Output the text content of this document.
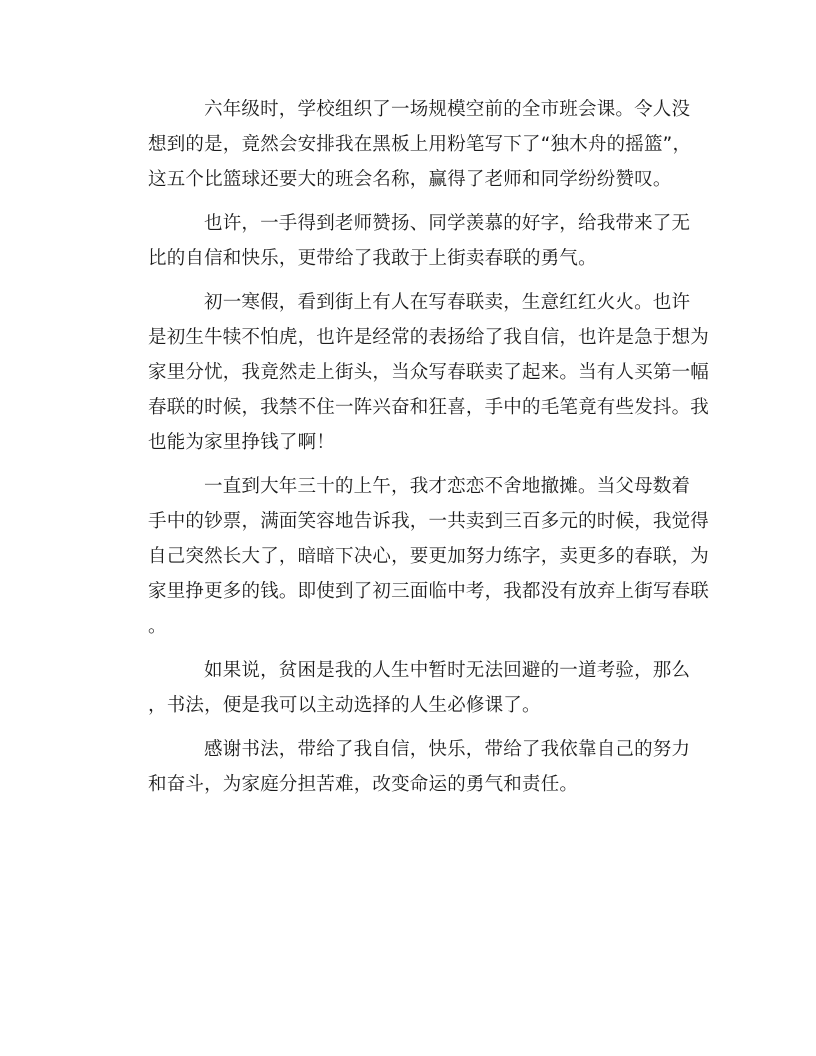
六年级时，学校组织了一场规模空前的全市班会课。令人没
想到的是，竟然会安排我在黑板上用粉笔写下了“独木舟的摇篮”，
这五个比篮球还要大的班会名称，赢得了老师和同学纷纷赞叹。
也许，一手得到老师赞扬、同学羡慕的好字，给我带来了无
比的自信和快乐，更带给了我敢于上街卖春联的勇气。
初一寒假，看到街上有人在写春联卖，生意红红火火。也许
是初生牛犊不怕虎，也许是经常的表扬给了我自信，也许是急于想为
家里分忧，我竟然走上街头，当众写春联卖了起来。当有人买第一幅
春联的时候，我禁不住一阵兴奋和狂喜，手中的毛笔竟有些发抖。我
也能为家里挣钱了啊！
一直到大年三十的上午，我才恋恋不舍地撤摊。当父母数着
手中的钞票，满面笑容地告诉我，一共卖到三百多元的时候，我觉得
自己突然长大了，暗暗下决心，要更加努力练字，卖更多的春联，为
家里挣更多的钱。即使到了初三面临中考，我都没有放弃上街写春联
。
如果说，贫困是我的人生中暂时无法回避的一道考验，那么
，书法，便是我可以主动选择的人生必修课了。
感谢书法，带给了我自信，快乐，带给了我依靠自己的努力
和奋斗，为家庭分担苦难，改变命运的勇气和责任。
